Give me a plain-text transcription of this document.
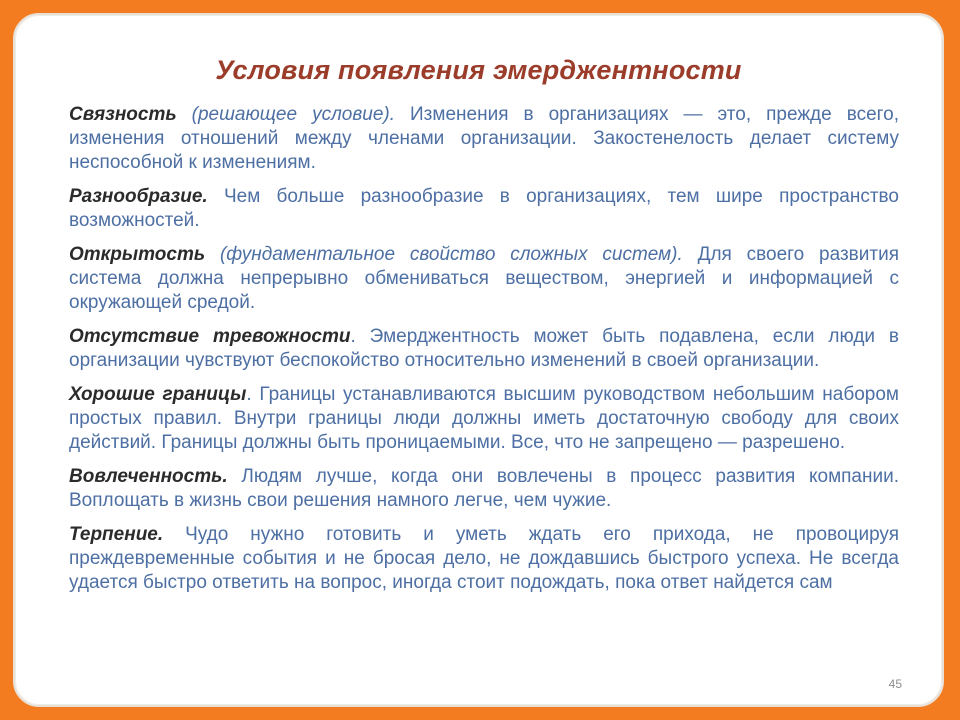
Условия появления эмерджентности

Связность (решающее условие). Изменения в организациях — это, прежде всего, изменения отношений между членами организации. Закостенелость делает систему неспособной к изменениям.

Разнообразие. Чем больше разнообразие в организациях, тем шире пространство возможностей.

Открытость (фундаментальное свойство сложных систем). Для своего развития система должна непрерывно обмениваться веществом, энергией и информацией с окружающей средой.

Отсутствие тревожности. Эмерджентность может быть подавлена, если люди в организации чувствуют беспокойство относительно изменений в своей организации.

Хорошие границы. Границы устанавливаются высшим руководством небольшим набором простых правил. Внутри границы люди должны иметь достаточную свободу для своих действий. Границы должны быть проницаемыми. Все, что не запрещено — разрешено.

Вовлеченность. Людям лучше, когда они вовлечены в процесс развития компании. Воплощать в жизнь свои решения намного легче, чем чужие.

Терпение. Чудо нужно готовить и уметь ждать его прихода, не провоцируя преждевременные события и не бросая дело, не дождавшись быстрого успеха. Не всегда удается быстро ответить на вопрос, иногда стоит подождать, пока ответ найдется сам

45
